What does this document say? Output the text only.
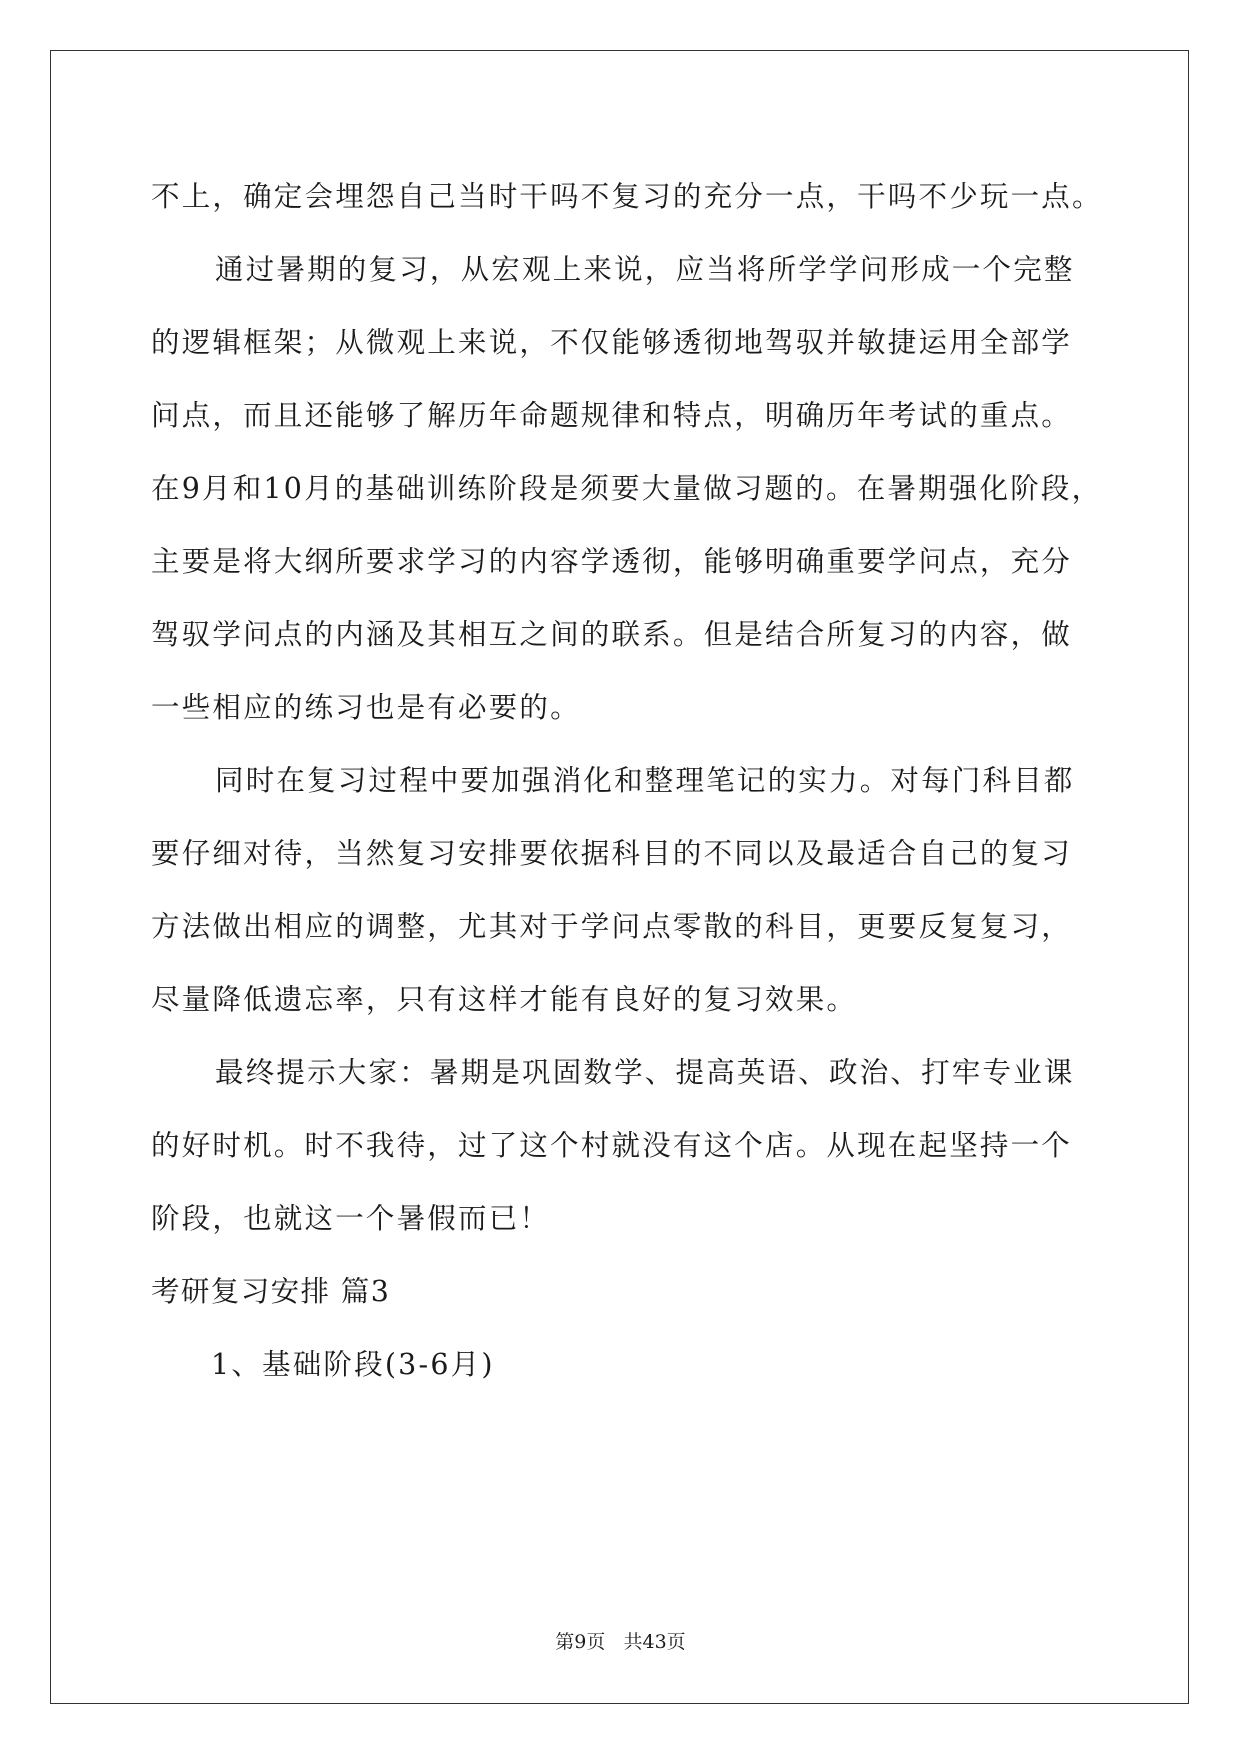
不上，确定会埋怨自己当时干吗不复习的充分一点，干吗不少玩一点。
通过暑期的复习，从宏观上来说，应当将所学学问形成一个完整
的逻辑框架；从微观上来说，不仅能够透彻地驾驭并敏捷运用全部学
问点，而且还能够了解历年命题规律和特点，明确历年考试的重点。
在9月和10月的基础训练阶段是须要大量做习题的。在暑期强化阶段，
主要是将大纲所要求学习的内容学透彻，能够明确重要学问点，充分
驾驭学问点的内涵及其相互之间的联系。但是结合所复习的内容，做
一些相应的练习也是有必要的。
同时在复习过程中要加强消化和整理笔记的实力。对每门科目都
要仔细对待，当然复习安排要依据科目的不同以及最适合自己的复习
方法做出相应的调整，尤其对于学问点零散的科目，更要反复复习，
尽量降低遗忘率，只有这样才能有良好的复习效果。
最终提示大家：暑期是巩固数学、提高英语、政治、打牢专业课
的好时机。时不我待，过了这个村就没有这个店。从现在起坚持一个
阶段，也就这一个暑假而已！
考研复习安排 篇3
1、基础阶段(3-6月)
第9页   共43页
